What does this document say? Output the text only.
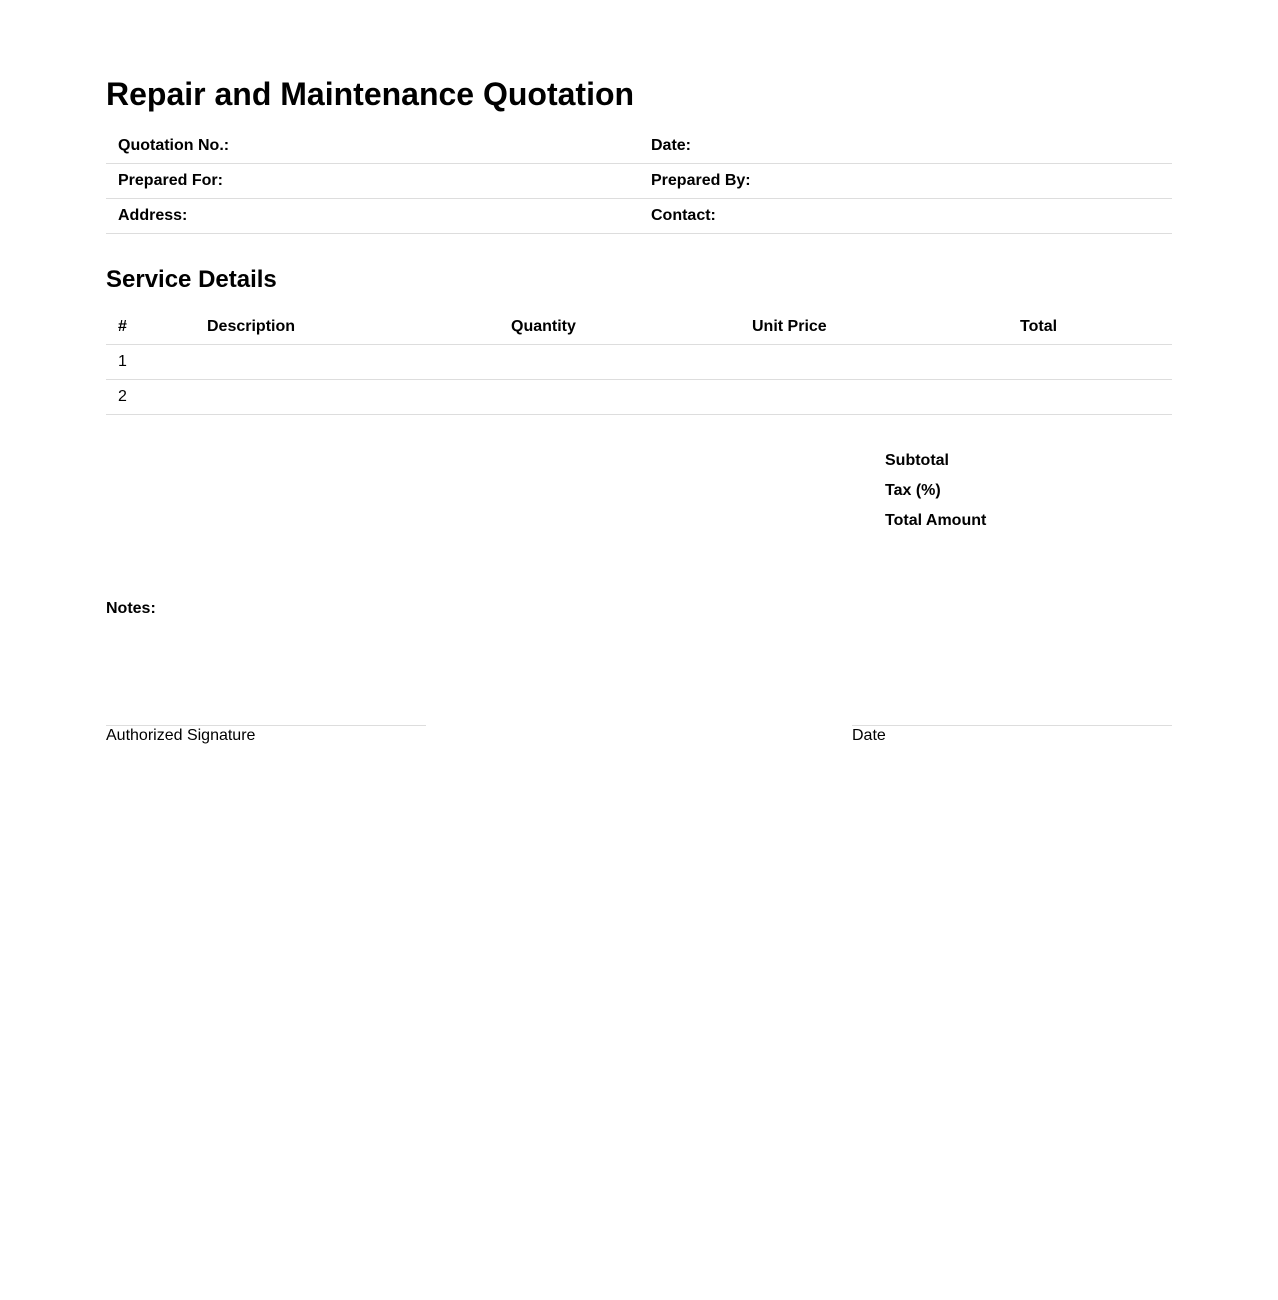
Repair and Maintenance Quotation
Quotation No.:	Date:
Prepared For:	Prepared By:
Address:	Contact:
Service Details
#	Description	Quantity	Unit Price	Total
1				
2				
Subtotal
Tax (%)
Total Amount
Notes:
Authorized Signature	Date
